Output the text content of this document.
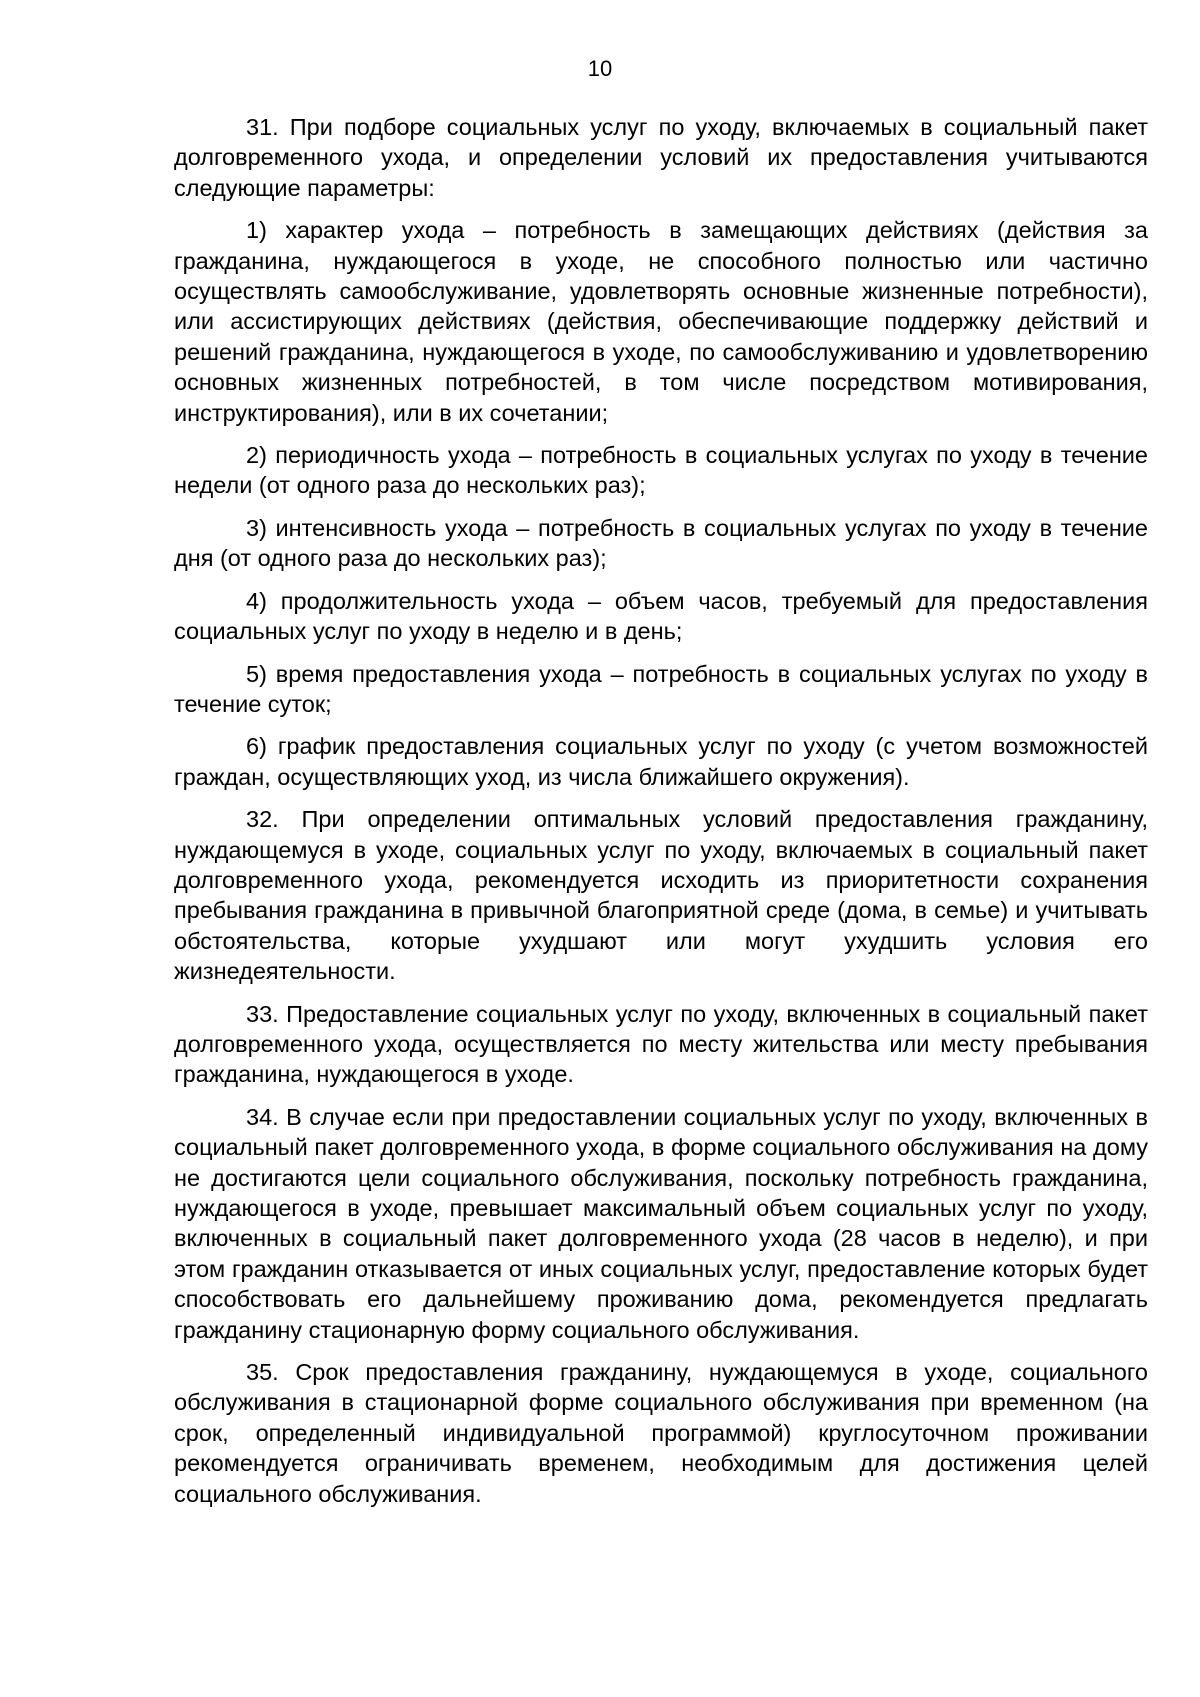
10

31. При подборе социальных услуг по уходу, включаемых в социальный пакет долговременного ухода, и определении условий их предоставления учитываются следующие параметры:

1) характер ухода – потребность в замещающих действиях (действия за гражданина, нуждающегося в уходе, не способного полностью или частично осуществлять самообслуживание, удовлетворять основные жизненные потребности), или ассистирующих действиях (действия, обеспечивающие поддержку действий и решений гражданина, нуждающегося в уходе, по самообслуживанию и удовлетворению основных жизненных потребностей, в том числе посредством мотивирования, инструктирования), или в их сочетании;

2) периодичность ухода – потребность в социальных услугах по уходу в течение недели (от одного раза до нескольких раз);

3) интенсивность ухода – потребность в социальных услугах по уходу в течение дня (от одного раза до нескольких раз);

4) продолжительность ухода – объем часов, требуемый для предоставления социальных услуг по уходу в неделю и в день;

5) время предоставления ухода – потребность в социальных услугах по уходу в течение суток;

6) график предоставления социальных услуг по уходу (с учетом возможностей граждан, осуществляющих уход, из числа ближайшего окружения).

32. При определении оптимальных условий предоставления гражданину, нуждающемуся в уходе, социальных услуг по уходу, включаемых в социальный пакет долговременного ухода, рекомендуется исходить из приоритетности сохранения пребывания гражданина в привычной благоприятной среде (дома, в семье) и учитывать обстоятельства, которые ухудшают или могут ухудшить условия его жизнедеятельности.

33. Предоставление социальных услуг по уходу, включенных в социальный пакет долговременного ухода, осуществляется по месту жительства или месту пребывания гражданина, нуждающегося в уходе.

34. В случае если при предоставлении социальных услуг по уходу, включенных в социальный пакет долговременного ухода, в форме социального обслуживания на дому не достигаются цели социального обслуживания, поскольку потребность гражданина, нуждающегося в уходе, превышает максимальный объем социальных услуг по уходу, включенных в социальный пакет долговременного ухода (28 часов в неделю), и при этом гражданин отказывается от иных социальных услуг, предоставление которых будет способствовать его дальнейшему проживанию дома, рекомендуется предлагать гражданину стационарную форму социального обслуживания.

35. Срок предоставления гражданину, нуждающемуся в уходе, социального обслуживания в стационарной форме социального обслуживания при временном (на срок, определенный индивидуальной программой) круглосуточном проживании рекомендуется ограничивать временем, необходимым для достижения целей социального обслуживания.
